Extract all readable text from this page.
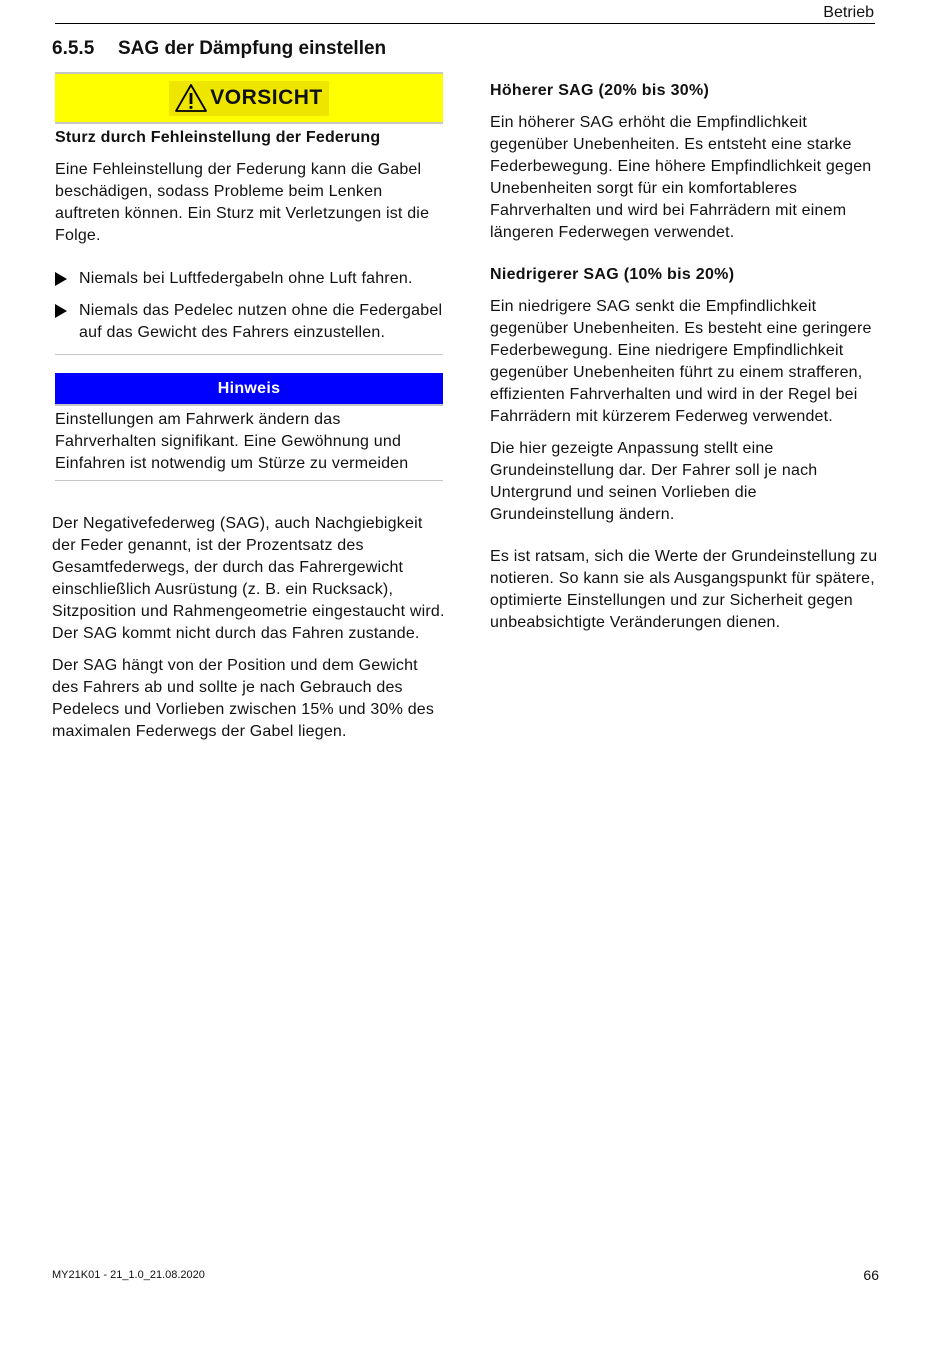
Betrieb
6.5.5 SAG der Dämpfung einstellen
VORSICHT
Sturz durch Fehleinstellung der Federung
Eine Fehleinstellung der Federung kann die Gabel beschädigen, sodass Probleme beim Lenken auftreten können. Ein Sturz mit Verletzungen ist die Folge.
Niemals bei Luftfedergabeln ohne Luft fahren.
Niemals das Pedelec nutzen ohne die Federgabel auf das Gewicht des Fahrers einzustellen.
Hinweis
Einstellungen am Fahrwerk ändern das Fahrverhalten signifikant. Eine Gewöhnung und Einfahren ist notwendig um Stürze zu vermeiden

Der Negativefederweg (SAG), auch Nachgiebigkeit der Feder genannt, ist der Prozentsatz des Gesamtfederwegs, der durch das Fahrergewicht einschließlich Ausrüstung (z. B. ein Rucksack), Sitzposition und Rahmengeometrie eingestaucht wird. Der SAG kommt nicht durch das Fahren zustande.

Der SAG hängt von der Position und dem Gewicht des Fahrers ab und sollte je nach Gebrauch des Pedelecs und Vorlieben zwischen 15% und 30% des maximalen Federwegs der Gabel liegen.

Höherer SAG (20% bis 30%)

Ein höherer SAG erhöht die Empfindlichkeit gegenüber Unebenheiten. Es entsteht eine starke Federbewegung. Eine höhere Empfindlichkeit gegen Unebenheiten sorgt für ein komfortableres Fahrverhalten und wird bei Fahrrädern mit einem längeren Federwegen verwendet.

Niedrigerer SAG (10% bis 20%)

Ein niedrigere SAG senkt die Empfindlichkeit gegenüber Unebenheiten. Es besteht eine geringere Federbewegung. Eine niedrigere Empfindlichkeit gegenüber Unebenheiten führt zu einem strafferen, effizienten Fahrverhalten und wird in der Regel bei Fahrrädern mit kürzerem Federweg verwendet.

Die hier gezeigte Anpassung stellt eine Grundeinstellung dar. Der Fahrer soll je nach Untergrund und seinen Vorlieben die Grundeinstellung ändern.

Es ist ratsam, sich die Werte der Grundeinstellung zu notieren. So kann sie als Ausgangspunkt für spätere, optimierte Einstellungen und zur Sicherheit gegen unbeabsichtigte Veränderungen dienen.

MY21K01 - 21_1.0_21.08.2020	66
